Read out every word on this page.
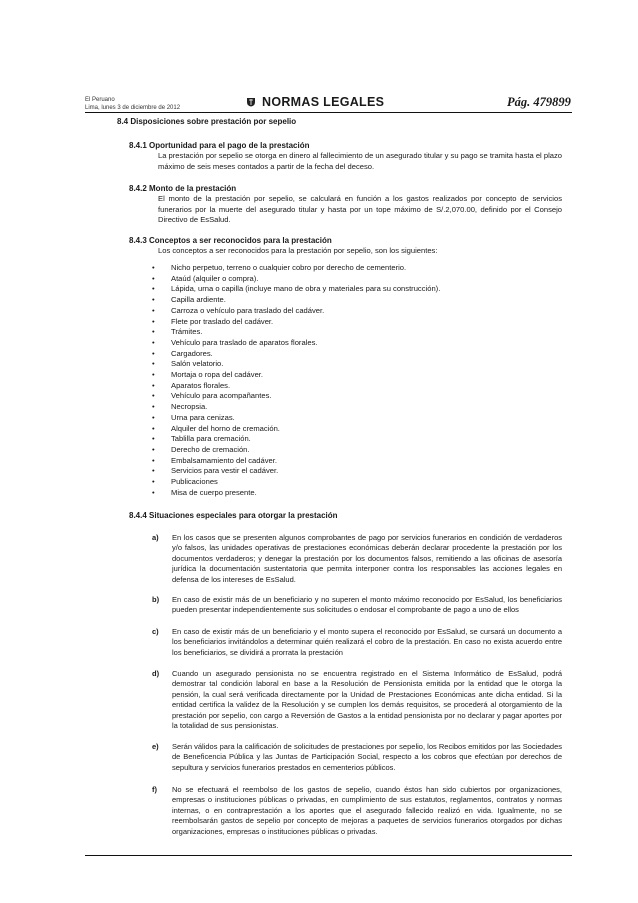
El Peruano
Lima, lunes 3 de diciembre de 2012	NORMAS LEGALES	Pág. 479899
8.4 Disposiciones sobre prestación por sepelio
8.4.1 Oportunidad para el pago de la prestación
La prestación por sepelio se otorga en dinero al fallecimiento de un asegurado titular y su pago se tramita hasta el plazo máximo de seis meses contados a partir de la fecha del deceso.
8.4.2 Monto de la prestación
El monto de la prestación por sepelio, se calculará en función a los gastos realizados por concepto de servicios funerarios por la muerte del asegurado titular y hasta por un tope máximo de S/.2,070.00, definido por el Consejo Directivo de EsSalud.
8.4.3 Conceptos a ser reconocidos para la prestación
Los conceptos a ser reconocidos para la prestación por sepelio, son los siguientes:
• Nicho perpetuo, terreno o cualquier cobro por derecho de cementerio.
• Ataúd (alquiler o compra).
• Lápida, urna o capilla (incluye mano de obra y materiales para su construcción).
• Capilla ardiente.
• Carroza o vehículo para traslado del cadáver.
• Flete por traslado del cadáver.
• Trámites.
• Vehículo para traslado de aparatos florales.
• Cargadores.
• Salón velatorio.
• Mortaja o ropa del cadáver.
• Aparatos florales.
• Vehículo para acompañantes.
• Necropsia.
• Urna para cenizas.
• Alquiler del horno de cremación.
• Tablilla para cremación.
• Derecho de cremación.
• Embalsamamiento del cadáver.
• Servicios para vestir el cadáver.
• Publicaciones
• Misa de cuerpo presente.
8.4.4 Situaciones especiales para otorgar la prestación
a) En los casos que se presenten algunos comprobantes de pago por servicios funerarios en condición de verdaderos y/o falsos, las unidades operativas de prestaciones económicas deberán declarar procedente la prestación por los documentos verdaderos; y denegar la prestación por los documentos falsos, remitiendo a las oficinas de asesoría jurídica la documentación sustentatoria que permita interponer contra los responsables las acciones legales en defensa de los intereses de EsSalud.
b) En caso de existir más de un beneficiario y no superen el monto máximo reconocido por EsSalud, los beneficiarios pueden presentar independientemente sus solicitudes o endosar el comprobante de pago a uno de ellos
c) En caso de existir más de un beneficiario y el monto supera el reconocido por EsSalud, se cursará un documento a los beneficiarios invitándolos a determinar quién realizará el cobro de la prestación. En caso no exista acuerdo entre los beneficiarios, se dividirá a prorrata la prestación
d) Cuando un asegurado pensionista no se encuentra registrado en el Sistema Informático de EsSalud, podrá demostrar tal condición laboral en base a la Resolución de Pensionista emitida por la entidad que le otorga la pensión, la cual será verificada directamente por la Unidad de Prestaciones Económicas ante dicha entidad. Si la entidad certifica la validez de la Resolución y se cumplen los demás requisitos, se procederá al otorgamiento de la prestación por sepelio, con cargo a Reversión de Gastos a la entidad pensionista por no declarar y pagar aportes por la totalidad de sus pensionistas.
e) Serán válidos para la calificación de solicitudes de prestaciones por sepelio, los Recibos emitidos por las Sociedades de Beneficencia Pública y las Juntas de Participación Social, respecto a los cobros que efectúan por derechos de sepultura y servicios funerarios prestados en cementerios públicos.
f) No se efectuará el reembolso de los gastos de sepelio, cuando éstos han sido cubiertos por organizaciones, empresas o instituciones públicas o privadas, en cumplimiento de sus estatutos, reglamentos, contratos y normas internas, o en contraprestación a los aportes que el asegurado fallecido realizó en vida. Igualmente, no se reembolsarán gastos de sepelio por concepto de mejoras a paquetes de servicios funerarios otorgados por dichas organizaciones, empresas o instituciones públicas o privadas.
